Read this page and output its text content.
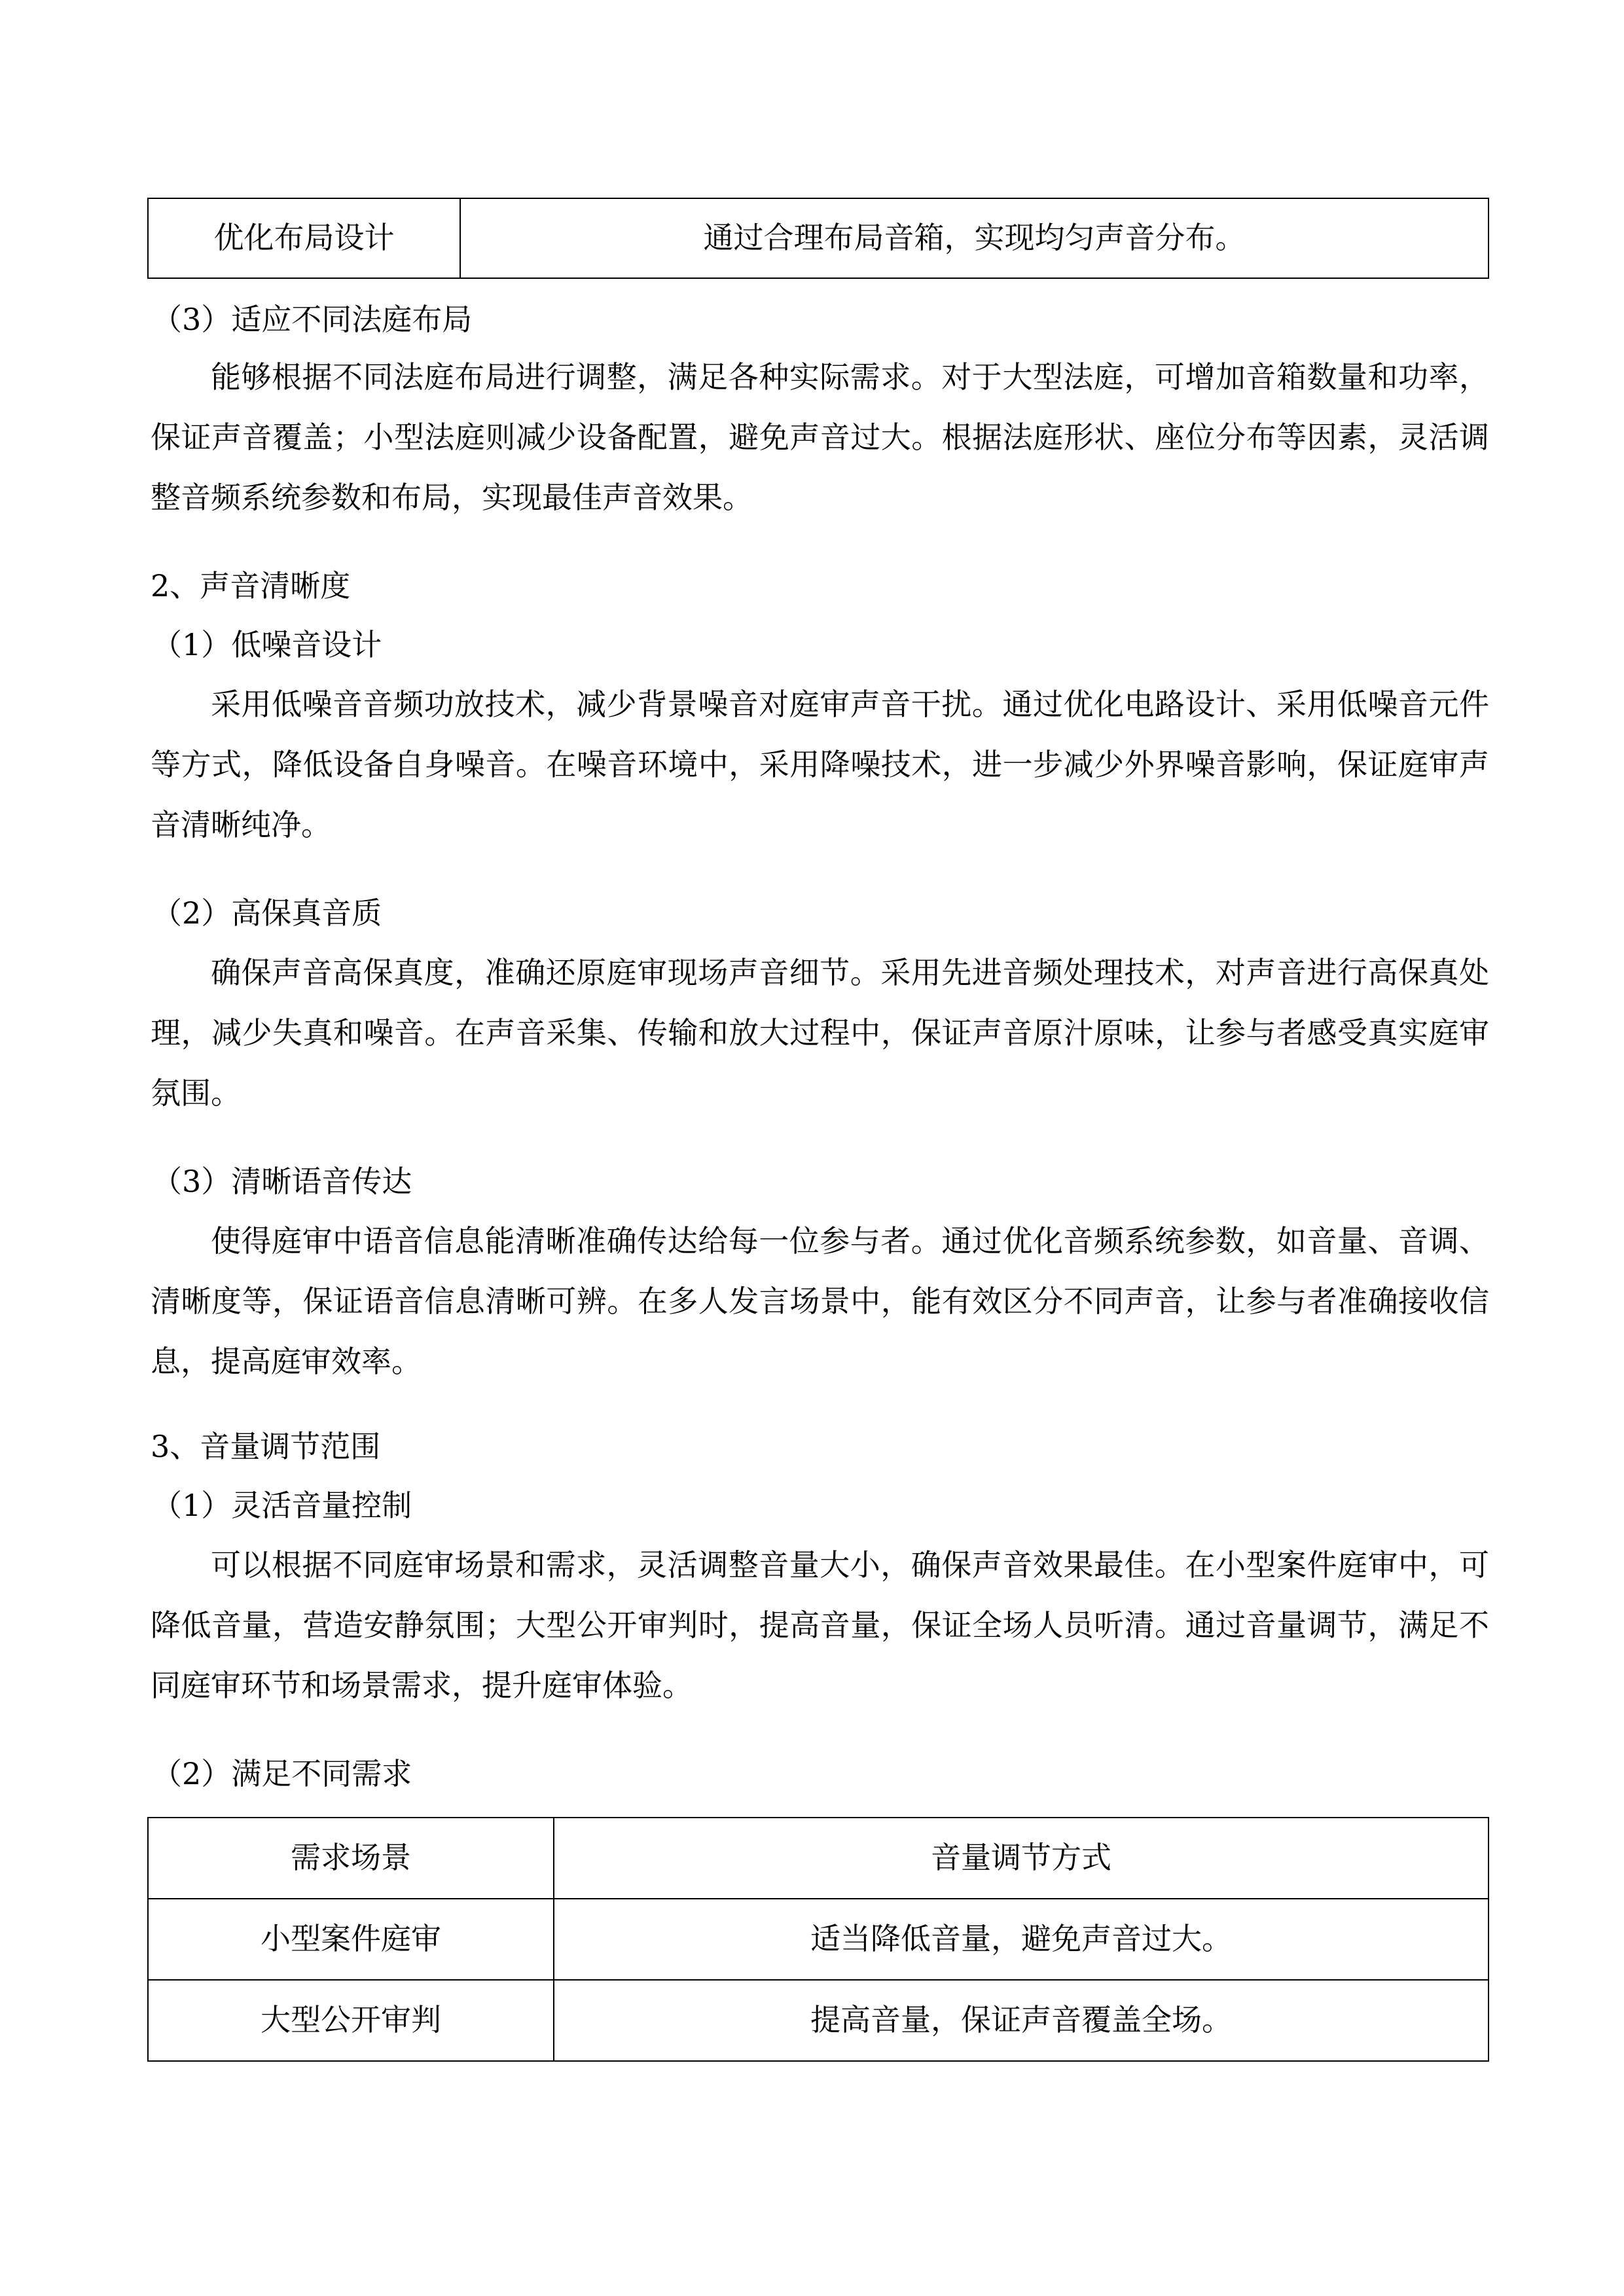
优化布局设计	通过合理布局音箱，实现均匀声音分布。
（3）适应不同法庭布局
能够根据不同法庭布局进行调整，满足各种实际需求。对于大型法庭，可增加音箱数量和功率，保证声音覆盖；小型法庭则减少设备配置，避免声音过大。根据法庭形状、座位分布等因素，灵活调整音频系统参数和布局，实现最佳声音效果。
2、声音清晰度
（1）低噪音设计
采用低噪音音频功放技术，减少背景噪音对庭审声音干扰。通过优化电路设计、采用低噪音元件等方式，降低设备自身噪音。在噪音环境中，采用降噪技术，进一步减少外界噪音影响，保证庭审声音清晰纯净。
（2）高保真音质
确保声音高保真度，准确还原庭审现场声音细节。采用先进音频处理技术，对声音进行高保真处理，减少失真和噪音。在声音采集、传输和放大过程中，保证声音原汁原味，让参与者感受真实庭审氛围。
（3）清晰语音传达
使得庭审中语音信息能清晰准确传达给每一位参与者。通过优化音频系统参数，如音量、音调、清晰度等，保证语音信息清晰可辨。在多人发言场景中，能有效区分不同声音，让参与者准确接收信息，提高庭审效率。
3、音量调节范围
（1）灵活音量控制
可以根据不同庭审场景和需求，灵活调整音量大小，确保声音效果最佳。在小型案件庭审中，可降低音量，营造安静氛围；大型公开审判时，提高音量，保证全场人员听清。通过音量调节，满足不同庭审环节和场景需求，提升庭审体验。
（2）满足不同需求
需求场景	音量调节方式
小型案件庭审	适当降低音量，避免声音过大。
大型公开审判	提高音量，保证声音覆盖全场。
